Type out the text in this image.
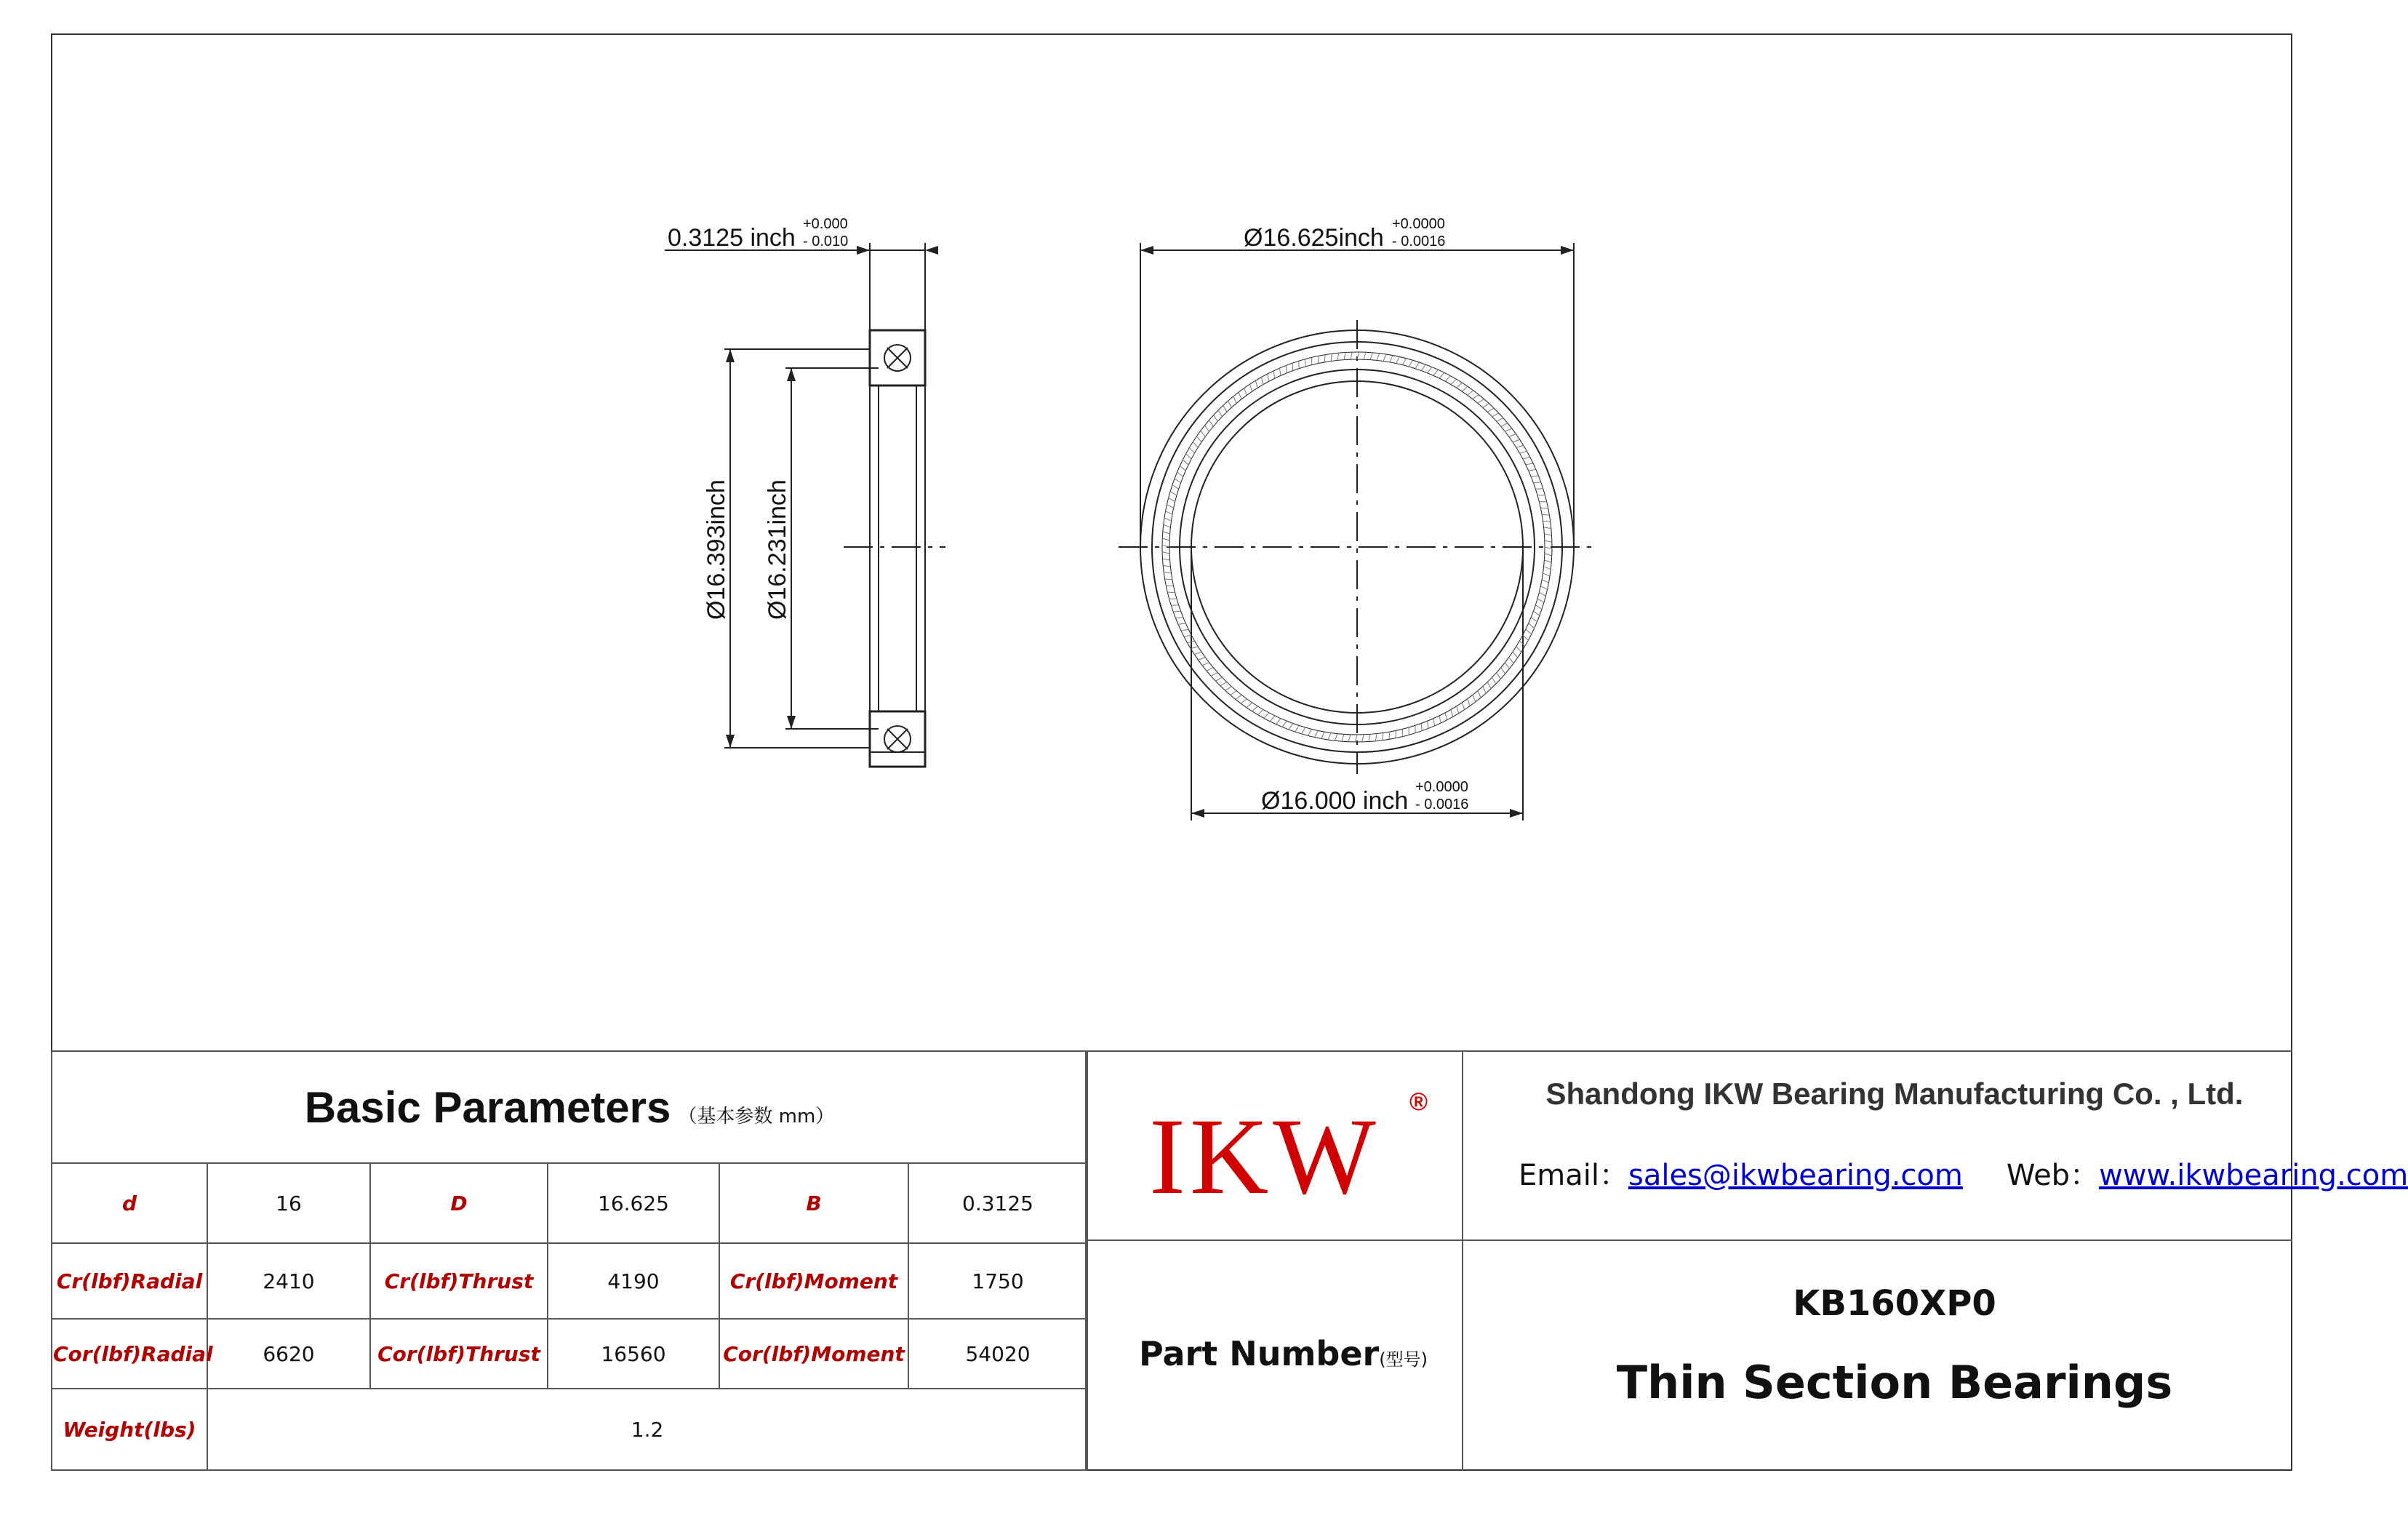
0.3125 inch +0.000
- 0.010	Ø16.625inch +0.0000
- 0.0016
Ø16.000 inch +0.0000
- 0.0016
Ø16.393inch Ø16.231inch
Basic Parameters （基本参数 mm）					
d	16	D	16.625	B	0.3125
Cr(lbf)Radial	2410	Cr(lbf)Thrust	4190	Cr(lbf)Moment	1750
Cor(lbf)Radial	6620	Cor(lbf)Thrust	16560	Cor(lbf)Moment	54020
Weight(lbs)	1.2				
IKW ®
Part Number(型号)
Shandong IKW Bearing Manufacturing Co. , Ltd.
Email：sales@ikwbearing.com Web：www.ikwbearing.com
KB160XP0
Thin Section Bearings
